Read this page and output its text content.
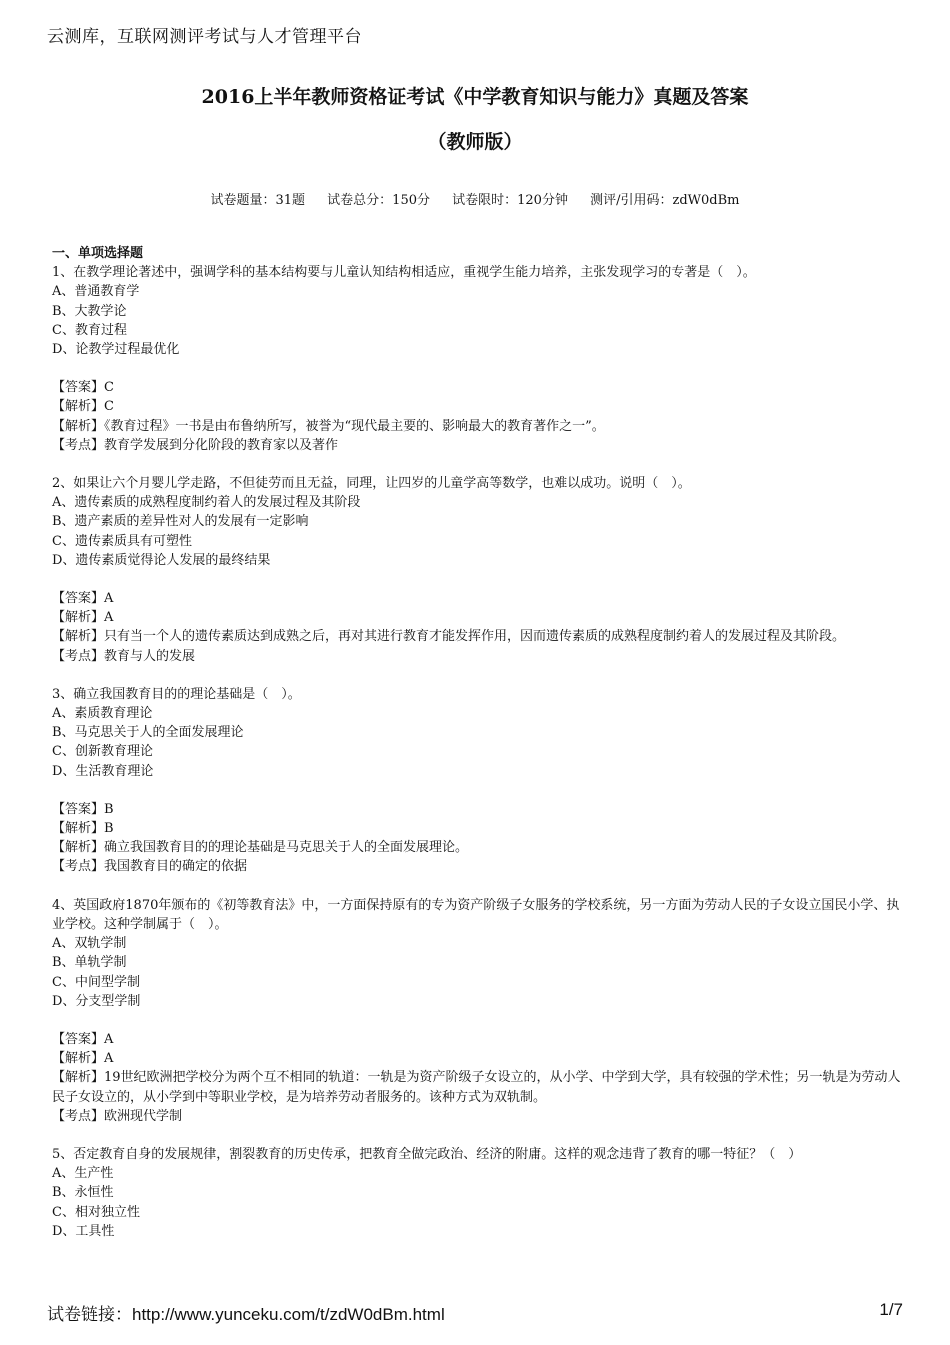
云测库，互联网测评考试与人才管理平台
2016上半年教师资格证考试《中学教育知识与能力》真题及答案
（教师版）
试卷题量：31题 试卷总分：150分 试卷限时：120分钟 测评/引用码：zdW0dBm
一、单项选择题
1、在教学理论著述中，强调学科的基本结构要与儿童认知结构相适应，重视学生能力培养，主张发现学习的专著是（　）。
A、普通教育学
B、大教学论
C、教育过程
D、论教学过程最优化
【答案】C
【解析】C
【解析】《教育过程》一书是由布鲁纳所写，被誉为“现代最主要的、影响最大的教育著作之一”。
【考点】教育学发展到分化阶段的教育家以及著作
2、如果让六个月婴儿学走路，不但徒劳而且无益，同理，让四岁的儿童学高等数学，也难以成功。说明（　）。
A、遗传素质的成熟程度制约着人的发展过程及其阶段
B、遗产素质的差异性对人的发展有一定影响
C、遗传素质具有可塑性
D、遗传素质觉得论人发展的最终结果
【答案】A
【解析】A
【解析】只有当一个人的遗传素质达到成熟之后，再对其进行教育才能发挥作用，因而遗传素质的成熟程度制约着人的发展过程及其阶段。
【考点】教育与人的发展
3、确立我国教育目的的理论基础是（　）。
A、素质教育理论
B、马克思关于人的全面发展理论
C、创新教育理论
D、生活教育理论
【答案】B
【解析】B
【解析】确立我国教育目的的理论基础是马克思关于人的全面发展理论。
【考点】我国教育目的确定的依据
4、英国政府1870年颁布的《初等教育法》中，一方面保持原有的专为资产阶级子女服务的学校系统，另一方面为劳动人民的子女设立国民小学、执业学校。这种学制属于（　）。
A、双轨学制
B、单轨学制
C、中间型学制
D、分支型学制
【答案】A
【解析】A
【解析】19世纪欧洲把学校分为两个互不相同的轨道：一轨是为资产阶级子女设立的，从小学、中学到大学，具有较强的学术性；另一轨是为劳动人民子女设立的，从小学到中等职业学校，是为培养劳动者服务的。该种方式为双轨制。
【考点】欧洲现代学制
5、否定教育自身的发展规律，割裂教育的历史传承，把教育全做完政治、经济的附庸。这样的观念违背了教育的哪一特征？（　）
A、生产性
B、永恒性
C、相对独立性
D、工具性
试卷链接：http://www.yunceku.com/t/zdW0dBm.html	1/7
